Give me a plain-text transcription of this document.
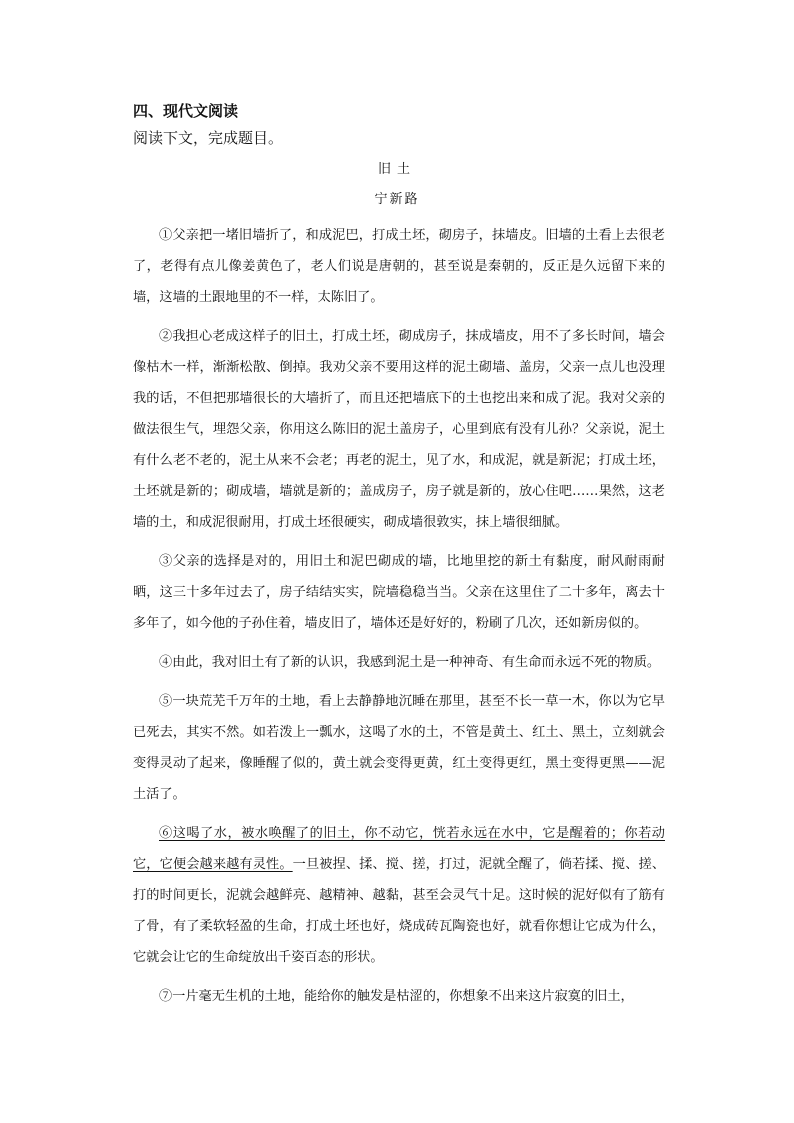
四、现代文阅读
阅读下文，完成题目。
旧土
宁新路

①父亲把一堵旧墙折了，和成泥巴，打成土坯，砌房子，抹墙皮。旧墙的土看上去很老了，老得有点儿像姜黄色了，老人们说是唐朝的，甚至说是秦朝的，反正是久远留下来的墙，这墙的土跟地里的不一样，太陈旧了。

②我担心老成这样子的旧土，打成土坯，砌成房子，抹成墙皮，用不了多长时间，墙会像枯木一样，渐渐松散、倒掉。我劝父亲不要用这样的泥土砌墙、盖房，父亲一点儿也没理我的话，不但把那墙很长的大墙折了，而且还把墙底下的土也挖出来和成了泥。我对父亲的做法很生气，埋怨父亲，你用这么陈旧的泥土盖房子，心里到底有没有儿孙？父亲说，泥土有什么老不老的，泥土从来不会老；再老的泥土，见了水，和成泥，就是新泥；打成土坯，土坯就是新的；砌成墙，墙就是新的；盖成房子，房子就是新的，放心住吧……果然，这老墙的土，和成泥很耐用，打成土坯很硬实，砌成墙很敦实，抹上墙很细腻。

③父亲的选择是对的，用旧土和泥巴砌成的墙，比地里挖的新土有黏度，耐风耐雨耐晒，这三十多年过去了，房子结结实实，院墙稳稳当当。父亲在这里住了二十多年，离去十多年了，如今他的子孙住着，墙皮旧了，墙体还是好好的，粉刷了几次，还如新房似的。

④由此，我对旧土有了新的认识，我感到泥土是一种神奇、有生命而永远不死的物质。

⑤一块荒芜千万年的土地，看上去静静地沉睡在那里，甚至不长一草一木，你以为它早已死去，其实不然。如若泼上一瓢水，这喝了水的土，不管是黄土、红土、黑土，立刻就会变得灵动了起来，像睡醒了似的，黄土就会变得更黄，红土变得更红，黑土变得更黑——泥土活了。

⑥这喝了水，被水唤醒了的旧土，你不动它，恍若永远在水中，它是醒着的；你若动它，它便会越来越有灵性。一旦被捏、揉、搅、搓，打过，泥就全醒了，倘若揉、搅、搓、打的时间更长，泥就会越鲜亮、越精神、越黏，甚至会灵气十足。这时候的泥好似有了筋有了骨，有了柔软轻盈的生命，打成土坯也好，烧成砖瓦陶瓷也好，就看你想让它成为什么，它就会让它的生命绽放出千姿百态的形状。

⑦一片毫无生机的土地，能给你的触发是枯涩的，你想象不出来这片寂寞的旧土，
